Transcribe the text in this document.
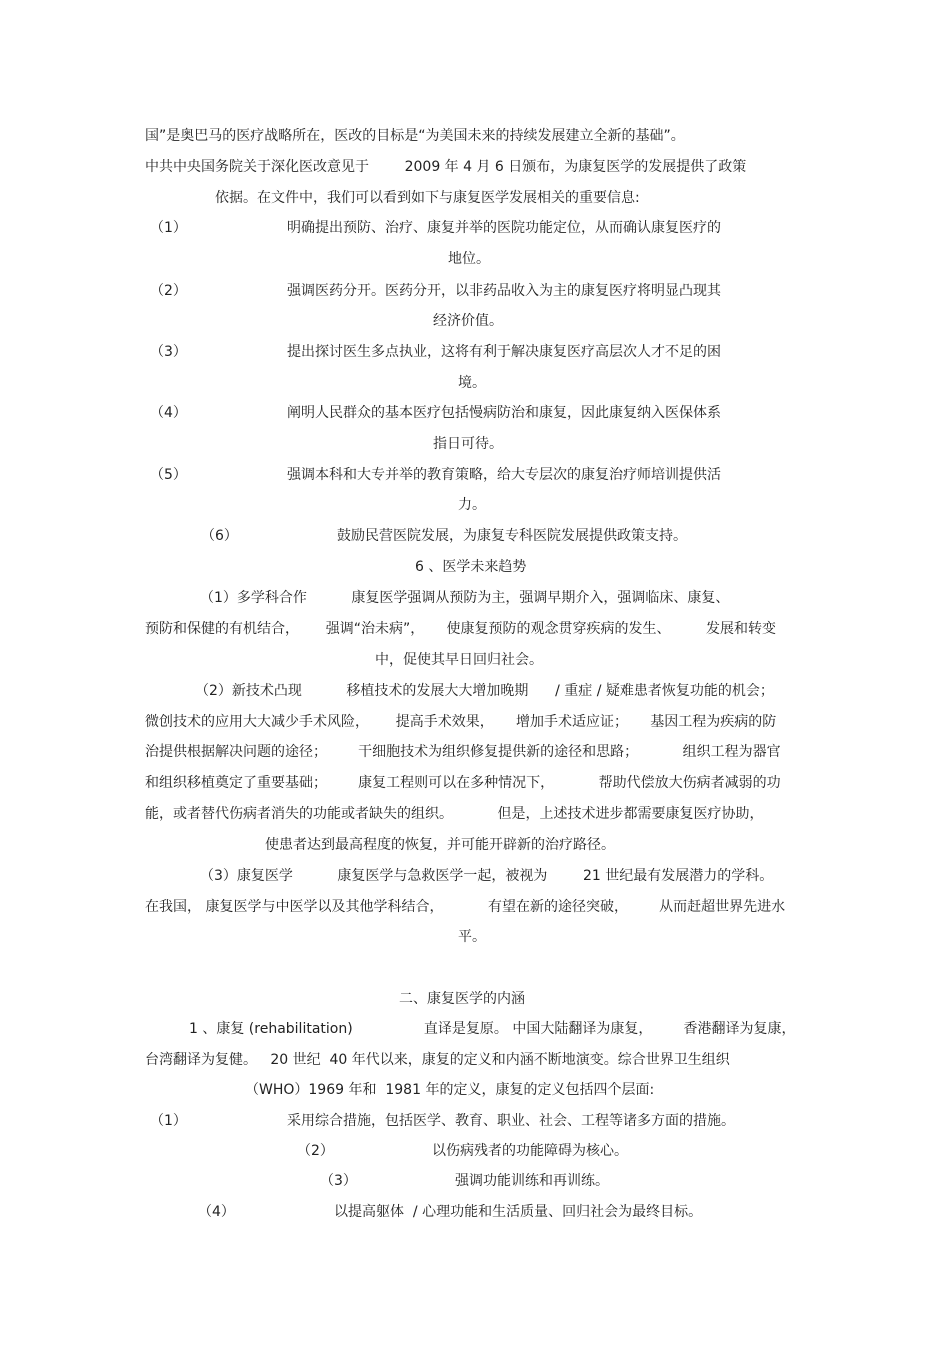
国”是奥巴马的医疗战略所在，医改的目标是“为美国未来的持续发展建立全新的基础”。
中共中央国务院关于深化医改意见于        2009 年 4 月 6 日颁布，为康复医学的发展提供了政策
依据。在文件中，我们可以看到如下与康复医学发展相关的重要信息:
（1）	明确提出预防、治疗、康复并举的医院功能定位，从而确认康复医疗的
地位。
（2）	强调医药分开。医药分开，以非药品收入为主的康复医疗将明显凸现其
经济价值。
（3）	提出探讨医生多点执业，这将有利于解决康复医疗高层次人才不足的困
境。
（4）	阐明人民群众的基本医疗包括慢病防治和康复，因此康复纳入医保体系
指日可待。
（5）	强调本科和大专并举的教育策略，给大专层次的康复治疗师培训提供活
力。
（6）	鼓励民营医院发展，为康复专科医院发展提供政策支持。
6 、医学未来趋势
（1）多学科合作          康复医学强调从预防为主，强调早期介入，强调临床、康复、
预防和保健的有机结合，      强调“治未病”，     使康复预防的观念贯穿疾病的发生、        发展和转变
中，促使其早日回归社会。
（2）新技术凸现          移植技术的发展大大增加晚期      / 重症 / 疑难患者恢复功能的机会；
微创技术的应用大大减少手术风险，      提高手术效果，     增加手术适应证；     基因工程为疾病的防
治提供根据解决问题的途径；       干细胞技术为组织修复提供新的途径和思路；          组织工程为器官
和组织移植奠定了重要基础；       康复工程则可以在多种情况下，          帮助代偿放大伤病者减弱的功
能，或者替代伤病者消失的功能或者缺失的组织。          但是，上述技术进步都需要康复医疗协助，
使患者达到最高程度的恢复，并可能开辟新的治疗路径。
（3）康复医学          康复医学与急救医学一起，被视为        21 世纪最有发展潜力的学科。
在我国， 康复医学与中医学以及其他学科结合，          有望在新的途径突破，       从而赶超世界先进水
平。
二、康复医学的内涵
1 、康复 (rehabilitation)                直译是复原。 中国大陆翻译为康复，       香港翻译为复康，
台湾翻译为复健。   20 世纪  40 年代以来，康复的定义和内涵不断地演变。综合世界卫生组织
（WHO）1969 年和  1981 年的定义，康复的定义包括四个层面:
（1）	采用综合措施，包括医学、教育、职业、社会、工程等诸多方面的措施。
（2）	以伤病残者的功能障碍为核心。
（3）	强调功能训练和再训练。
（4）	以提高躯体  / 心理功能和生活质量、回归社会为最终目标。
